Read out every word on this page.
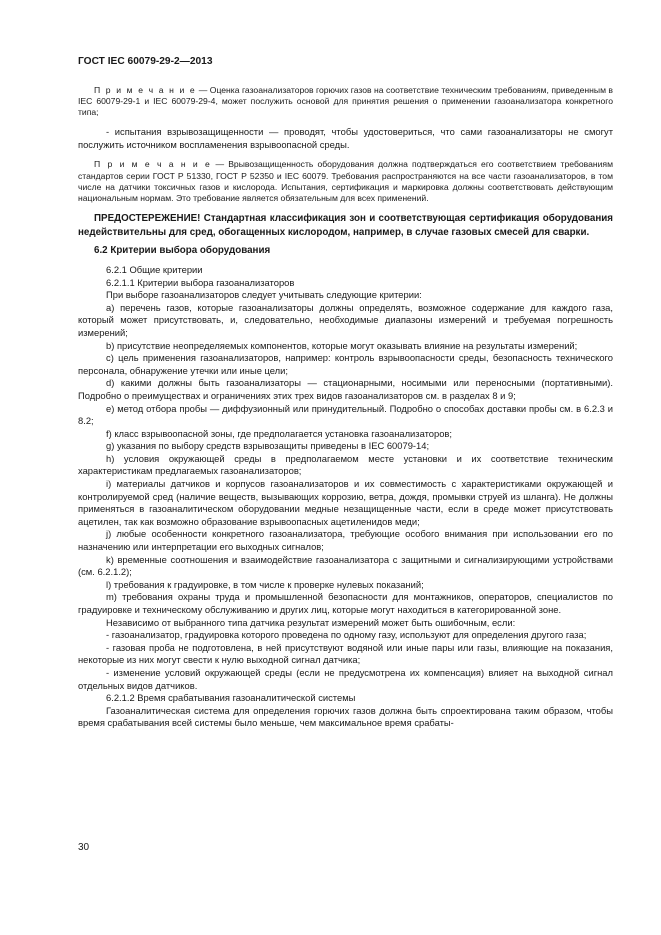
ГОСТ IEC 60079-29-2—2013

П р и м е ч а н и е — Оценка газоанализаторов горючих газов на соответствие техническим требованиям, приведенным в IEC 60079-29-1 и IEC 60079-29-4, может послужить основой для принятия решения о применении газоанализатора конкретного типа;

- испытания взрывозащищенности — проводят, чтобы удостовериться, что сами газоанализаторы не смогут послужить источником воспламенения взрывоопасной среды.

П р и м е ч а н и е — Врывозащищенность оборудования должна подтверждаться его соответствием требованиям стандартов серии ГОСТ Р 51330, ГОСТ Р 52350 и IEC 60079. Требования распространяются на все части газоанализаторов, в том числе на датчики токсичных газов и кислорода. Испытания, сертификация и маркировка должны соответствовать действующим национальным нормам. Это требование является обязательным для всех применений.

ПРЕДОСТЕРЕЖЕНИЕ! Стандартная классификация зон и соответствующая сертификация оборудования недействительны для сред, обогащенных кислородом, например, в случае газовых смесей для сварки.

6.2 Критерии выбора оборудования

6.2.1 Общие критерии

6.2.1.1 Критерии выбора газоанализаторов

При выборе газоанализаторов следует учитывать следующие критерии:

a) перечень газов, которые газоанализаторы должны определять, возможное содержание для каждого газа, который может присутствовать, и, следовательно, необходимые диапазоны измерений и требуемая погрешность измерений;

b) присутствие неопределяемых компонентов, которые могут оказывать влияние на результаты измерений;

c) цель применения газоанализаторов, например: контроль взрывоопасности среды, безопасность технического персонала, обнаружение утечки или иные цели;

d) какими должны быть газоанализаторы — стационарными, носимыми или переносными (портативными). Подробно о преимуществах и ограничениях этих трех видов газоанализаторов см. в разделах 8 и 9;

e) метод отбора пробы — диффузионный или принудительный. Подробно о способах доставки пробы см. в 6.2.3 и 8.2;

f) класс взрывоопасной зоны, где предполагается установка газоанализаторов;

g) указания по выбору средств взрывозащиты приведены в IEC 60079-14;

h) условия окружающей среды в предполагаемом месте установки и их соответствие техническим характеристикам предлагаемых газоанализаторов;

i) материалы датчиков и корпусов газоанализаторов и их совместимость с характеристиками окружающей и контролируемой сред (наличие веществ, вызывающих коррозию, ветра, дождя, промывки струей из шланга). Не должны применяться в газоаналитическом оборудовании медные незащищенные части, если в среде может присутствовать ацетилен, так как возможно образование взрывоопасных ацетиленидов меди;

j) любые особенности конкретного газоанализатора, требующие особого внимания при использовании его по назначению или интерпретации его выходных сигналов;

k) временные соотношения и взаимодействие газоанализатора с защитными и сигнализирующими устройствами (см. 6.2.1.2);

l) требования к градуировке, в том числе к проверке нулевых показаний;

m) требования охраны труда и промышленной безопасности для монтажников, операторов, специалистов по градуировке и техническому обслуживанию и других лиц, которые могут находиться в категорированной зоне.

Независимо от выбранного типа датчика результат измерений может быть ошибочным, если:

- газоанализатор, градуировка которого проведена по одному газу, используют для определения другого газа;

- газовая проба не подготовлена, в ней присутствуют водяной или иные пары или газы, влияющие на показания, некоторые из них могут свести к нулю выходной сигнал датчика;

- изменение условий окружающей среды (если не предусмотрена их компенсация) влияет на выходной сигнал отдельных видов датчиков.

6.2.1.2 Время срабатывания газоаналитической системы

Газоаналитическая система для определения горючих газов должна быть спроектирована таким образом, чтобы время срабатывания всей системы было меньше, чем максимальное время срабаты-

30
